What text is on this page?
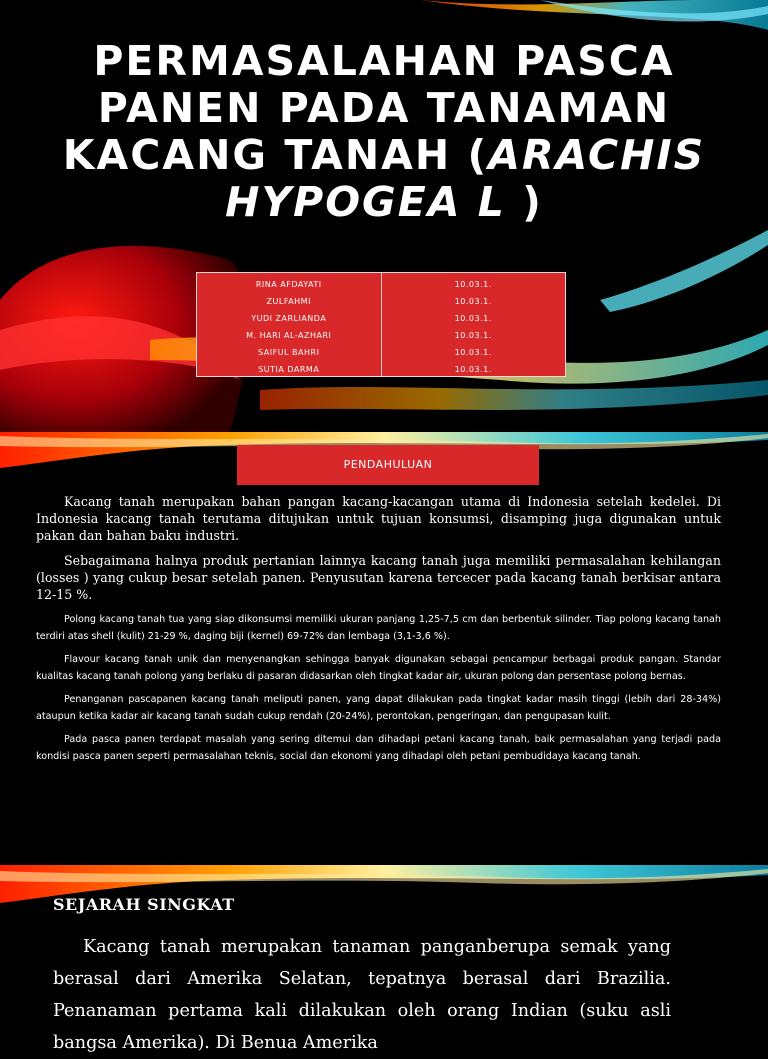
PERMASALAHAN PASCA PANEN PADA TANAMAN KACANG TANAH (ARACHIS HYPOGEA L )
RINA AFDAYATI
ZULFAHMI
YUDI ZARLIANDA
M. HARI AL-AZHARI
SAIFUL BAHRI
SUTIA DARMA
10.03.1.
10.03.1.
10.03.1.
10.03.1.
10.03.1.
10.03.1.
PENDAHULUAN

Kacang tanah merupakan bahan pangan kacang-kacangan utama di Indonesia setelah kedelei. Di Indonesia kacang tanah terutama ditujukan untuk tujuan konsumsi, disamping juga digunakan untuk pakan dan bahan baku industri.

Sebagaimana halnya produk pertanian lainnya kacang tanah juga memiliki permasalahan kehilangan (losses ) yang cukup besar setelah panen. Penyusutan karena tercecer pada kacang tanah berkisar antara 12-15 %.

Polong kacang tanah tua yang siap dikonsumsi memiliki ukuran panjang 1,25-7,5 cm dan berbentuk silinder. Tiap polong kacang tanah terdiri atas shell (kulit) 21-29 %, daging biji (kernel) 69-72% dan lembaga (3,1-3,6 %).

Flavour kacang tanah unik dan menyenangkan sehingga banyak digunakan sebagai pencampur berbagai produk pangan. Standar kualitas kacang tanah polong yang berlaku di pasaran didasarkan oleh tingkat kadar air, ukuran polong dan persentase polong bernas.

Penanganan pascapanen kacang tanah meliputi panen, yang dapat dilakukan pada tingkat kadar masih tinggi (lebih dari 28-34%) ataupun ketika kadar air kacang tanah sudah cukup rendah (20-24%), perontokan, pengeringan, dan pengupasan kulit.

Pada pasca panen terdapat masalah yang sering ditemui dan dihadapi petani kacang tanah, baik permasalahan yang terjadi pada kondisi pasca panen seperti permasalahan teknis, social dan ekonomi yang dihadapi oleh petani pembudidaya kacang tanah.

SEJARAH SINGKAT

Kacang tanah merupakan tanaman panganberupa semak yang berasal dari Amerika Selatan, tepatnya berasal dari Brazilia. Penanaman pertama kali dilakukan oleh orang Indian (suku asli bangsa Amerika). Di Benua Amerika
